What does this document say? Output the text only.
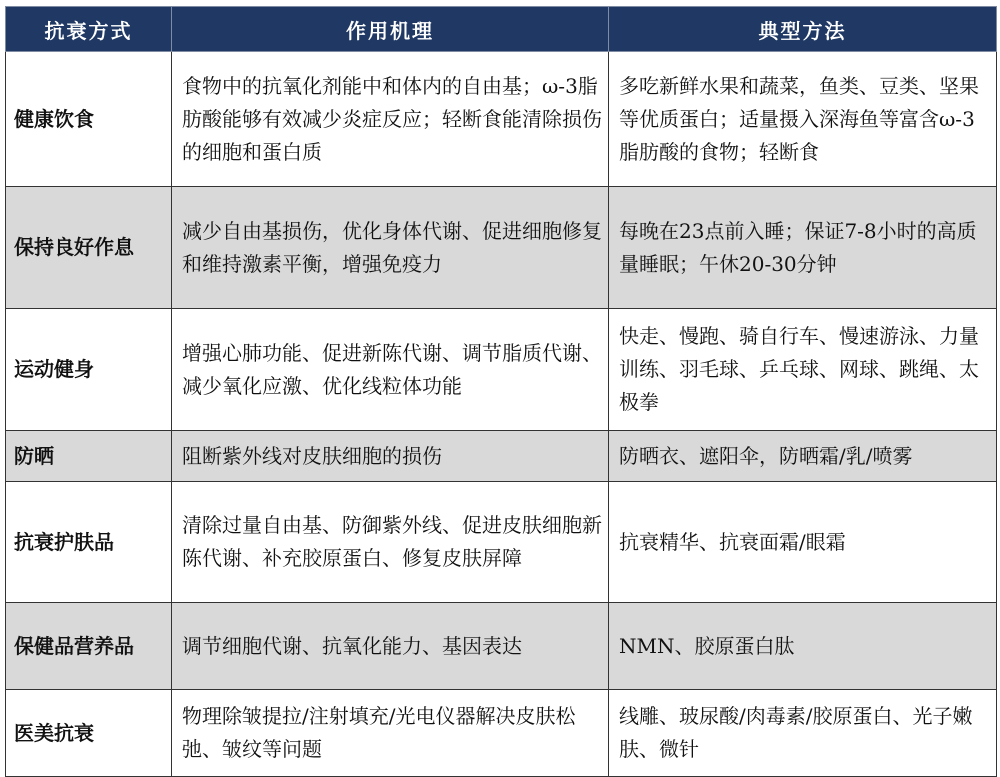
抗衰方式	作用机理	典型方法
健康饮食	食物中的抗氧化剂能中和体内的自由基；ω-3脂肪酸能够有效减少炎症反应；轻断食能清除损伤的细胞和蛋白质	多吃新鲜水果和蔬菜，鱼类、豆类、坚果等优质蛋白；适量摄入深海鱼等富含ω-3脂肪酸的食物；轻断食
保持良好作息	减少自由基损伤，优化身体代谢、促进细胞修复和维持激素平衡，增强免疫力	每晚在23点前入睡；保证7-8小时的高质量睡眠；午休20-30分钟
运动健身	增强心肺功能、促进新陈代谢、调节脂质代谢、减少氧化应激、优化线粒体功能	快走、慢跑、骑自行车、慢速游泳、力量训练、羽毛球、乒乓球、网球、跳绳、太极拳
防晒	阻断紫外线对皮肤细胞的损伤	防晒衣、遮阳伞，防晒霜/乳/喷雾
抗衰护肤品	清除过量自由基、防御紫外线、促进皮肤细胞新陈代谢、补充胶原蛋白、修复皮肤屏障	抗衰精华、抗衰面霜/眼霜
保健品营养品	调节细胞代谢、抗氧化能力、基因表达	NMN、胶原蛋白肽
医美抗衰	物理除皱提拉/注射填充/光电仪器解决皮肤松弛、皱纹等问题	线雕、玻尿酸/肉毒素/胶原蛋白、光子嫩肤、微针
